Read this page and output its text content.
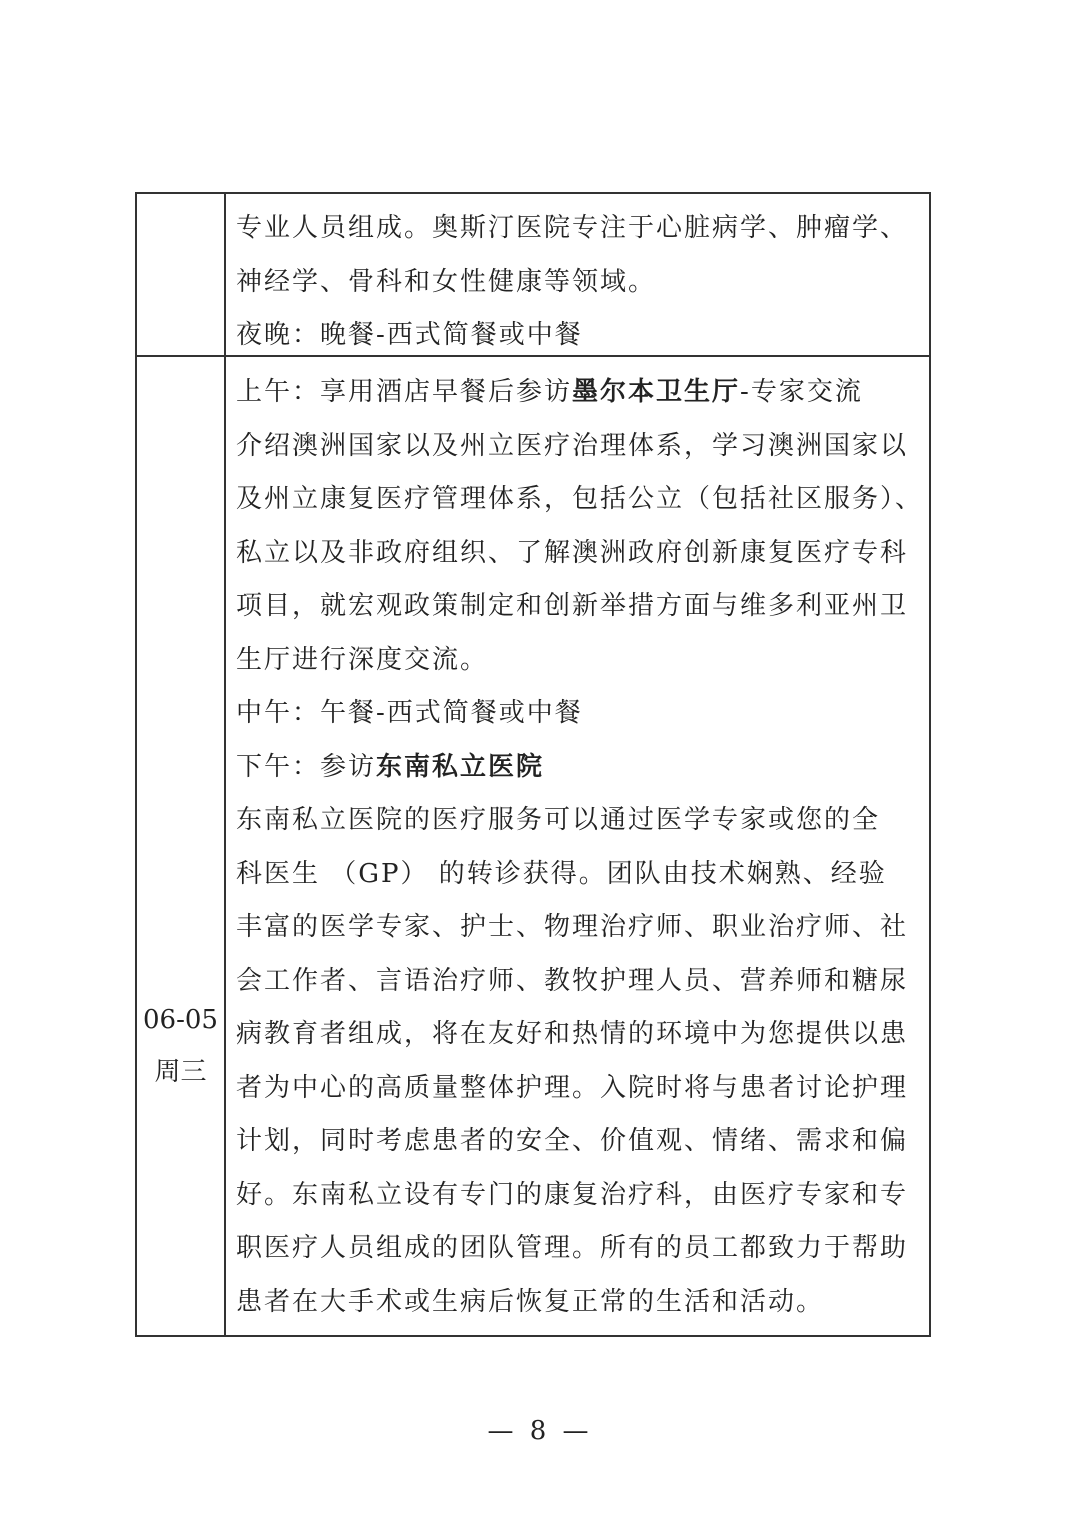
专业人员组成。奥斯汀医院专注于心脏病学、肿瘤学、

神经学、骨科和女性健康等领域。

夜晚：晚餐-西式简餐或中餐

06-05
周三

上午：享用酒店早餐后参访墨尔本卫生厅-专家交流

介绍澳洲国家以及州立医疗治理体系，学习澳洲国家以

及州立康复医疗管理体系，包括公立（包括社区服务）、

私立以及非政府组织、了解澳洲政府创新康复医疗专科

项目，就宏观政策制定和创新举措方面与维多利亚州卫

生厅进行深度交流。

中午：午餐-西式简餐或中餐

下午：参访东南私立医院

东南私立医院的医疗服务可以通过医学专家或您的全

科医生 （GP） 的转诊获得。团队由技术娴熟、经验

丰富的医学专家、护士、物理治疗师、职业治疗师、社

会工作者、言语治疗师、教牧护理人员、营养师和糖尿

病教育者组成，将在友好和热情的环境中为您提供以患

者为中心的高质量整体护理。入院时将与患者讨论护理

计划，同时考虑患者的安全、价值观、情绪、需求和偏

好。东南私立设有专门的康复治疗科，由医疗专家和专

职医疗人员组成的团队管理。所有的员工都致力于帮助

患者在大手术或生病后恢复正常的生活和活动。

— 8 —
